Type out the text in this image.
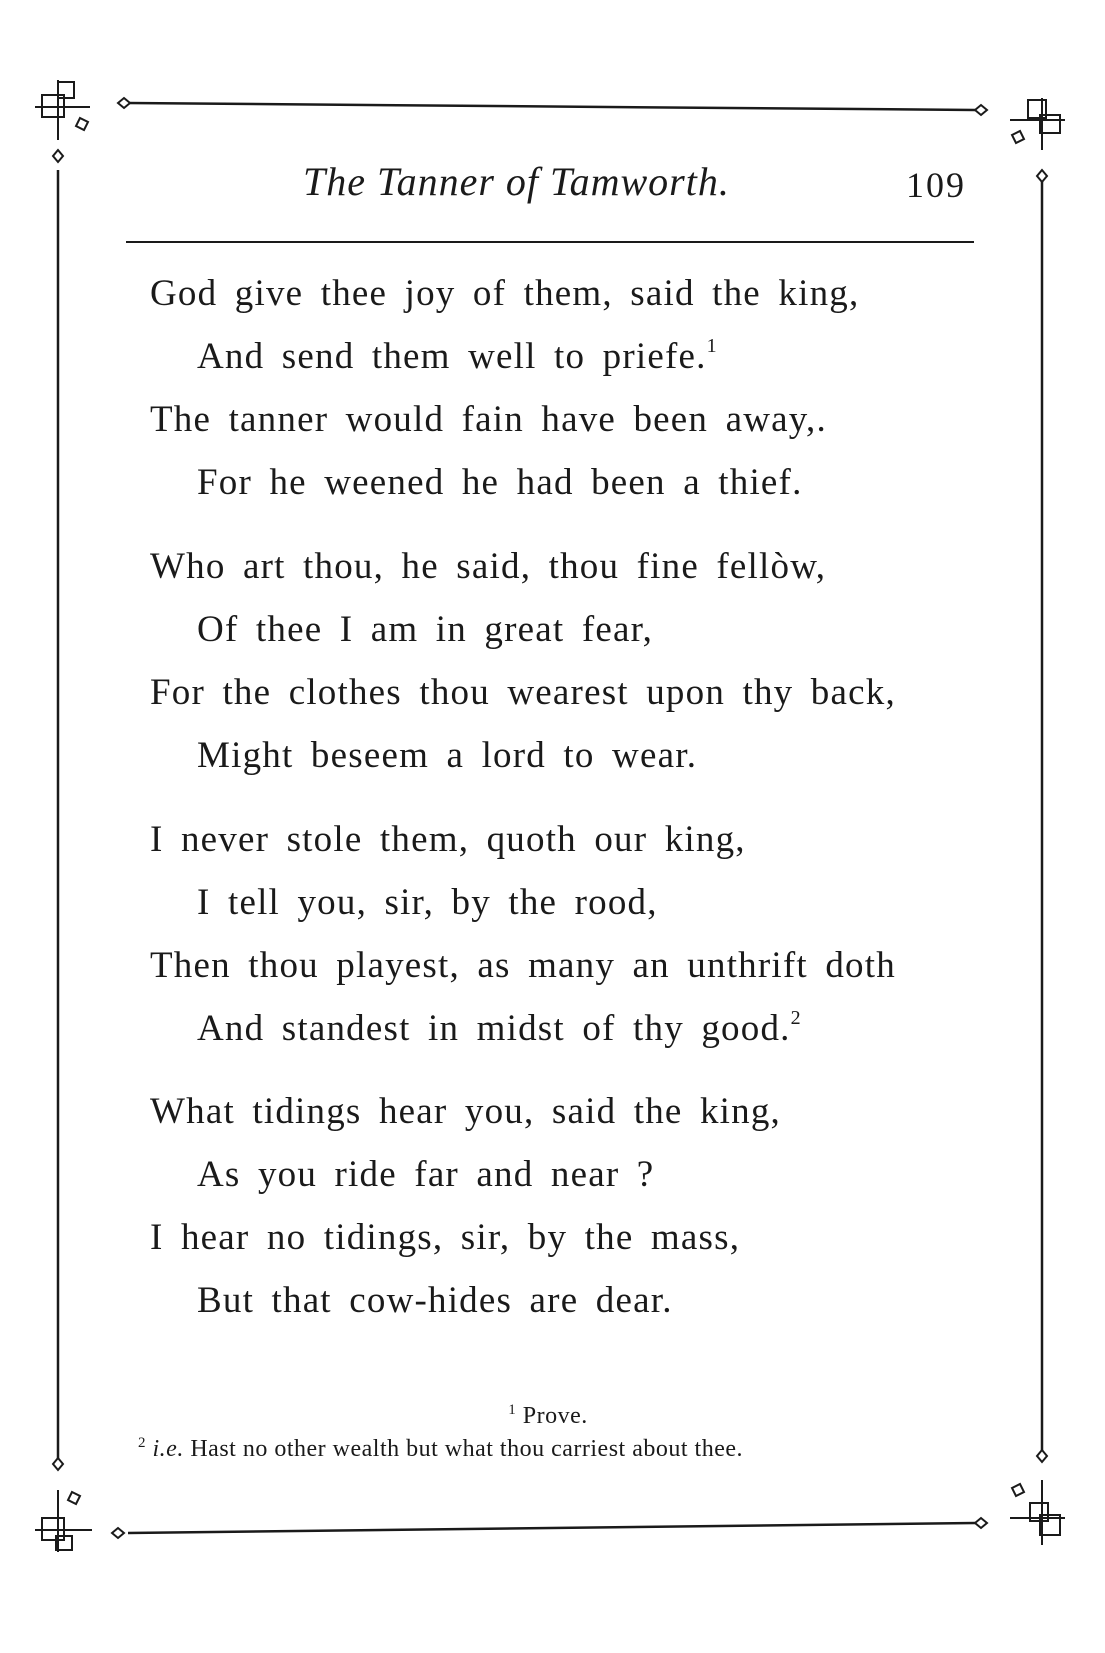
The Tanner of Tamworth.	109
God give thee joy of them, said the king,
And send them well to priefe.$^1$
The tanner would fain have been away,.
For he weened he had been a thief.
Who art thou, he said, thou fine fellòw,
Of thee I am in great fear,
For the clothes thou wearest upon thy back,
Might beseem a lord to wear.
I never stole them, quoth our king,
I tell you, sir, by the rood,
Then thou playest, as many an unthrift doth
And standest in midst of thy good.$^2$
What tidings hear you, said the king,
As you ride far and near ?
I hear no tidings, sir, by the mass,
But that cow-hides are dear.
$^1$ Prove.
$^2$ i.e. Hast no other wealth but what thou carriest about thee.
